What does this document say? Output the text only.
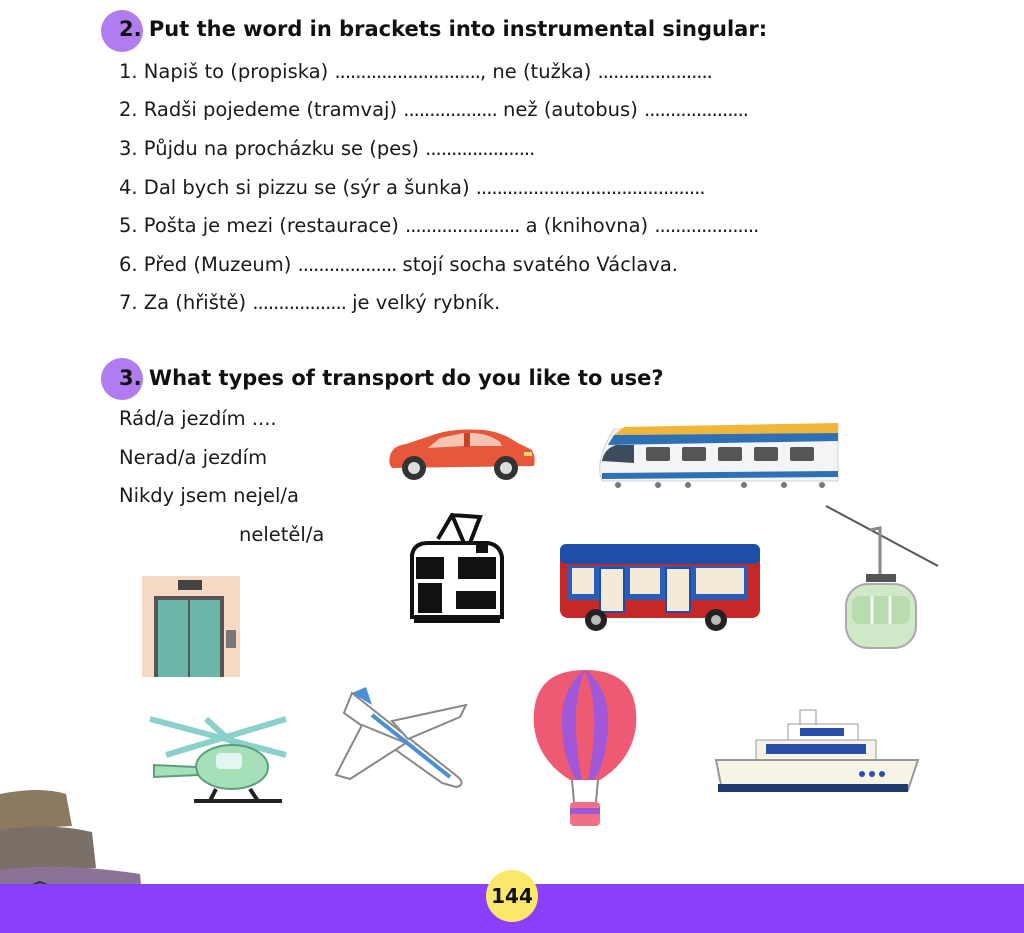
2. Put the word in brackets into instrumental singular:
1. Napiš to (propiska) ............................, ne (tužka) ......................
2. Radši pojedeme (tramvaj) .................. než (autobus) ....................
3. Půjdu na procházku se (pes) .....................
4. Dal bych si pizzu se (sýr a šunka) ............................................
5. Pošta je mezi (restaurace) ...................... a (knihovna) ....................
6. Před (Muzeum) ................... stojí socha svatého Václava.
7. Za (hřiště) .................. je velký rybník.
3. What types of transport do you like to use?
Rád/a jezdím ....
Nerad/a jezdím
Nikdy jsem nejel/a
neletěl/a
144
